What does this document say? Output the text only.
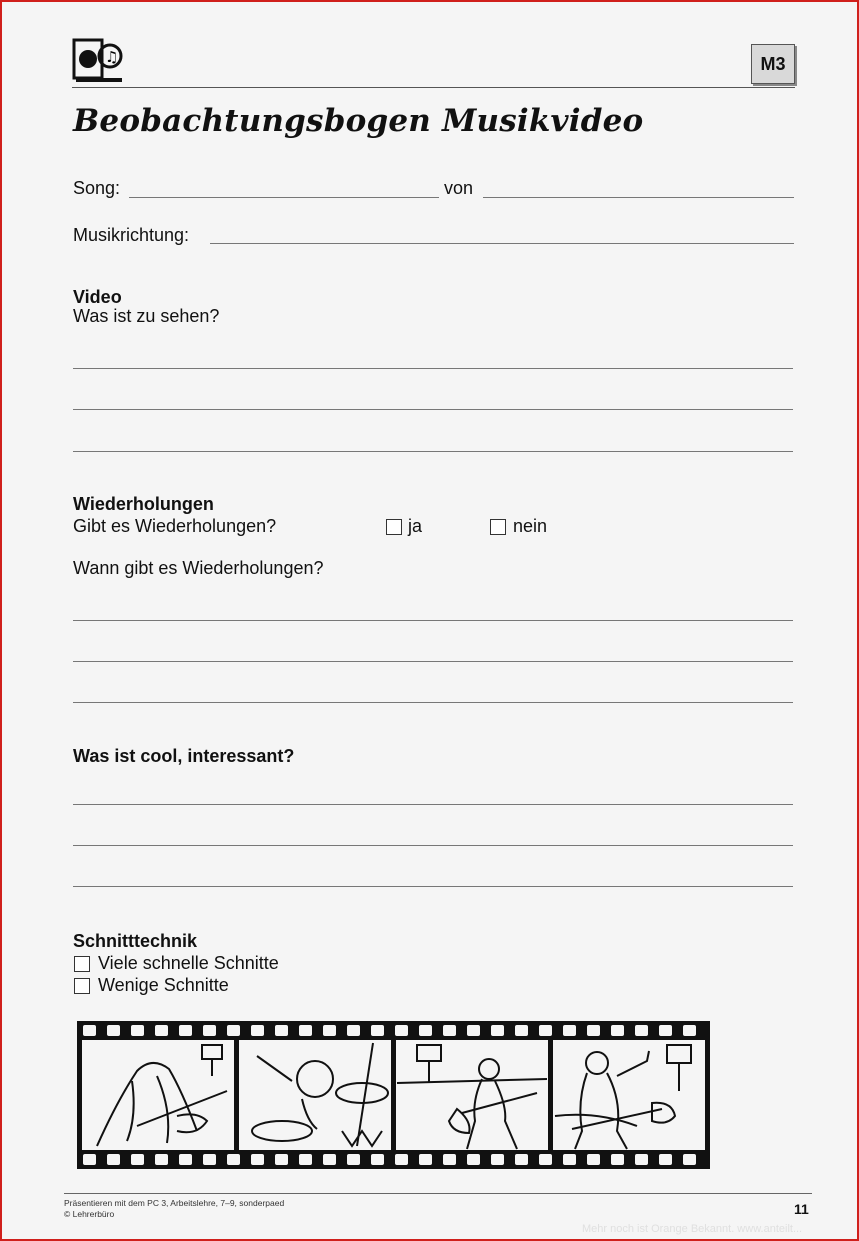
♫	M3
Beobachtungsbogen Musikvideo
Song:	von
Musikrichtung:
Video
Was ist zu sehen?
Wiederholungen
Gibt es Wiederholungen?	ja	nein
Wann gibt es Wiederholungen?
Was ist cool, interessant?
Schnitttechnik
Viele schnelle Schnitte
Wenige Schnitte
Präsentieren mit dem PC 3, Arbeitslehre, 7–9, sonderpaed
© Lehrerbüro	11
Mehr noch ist Orange Bekannt. www.anteilt...
